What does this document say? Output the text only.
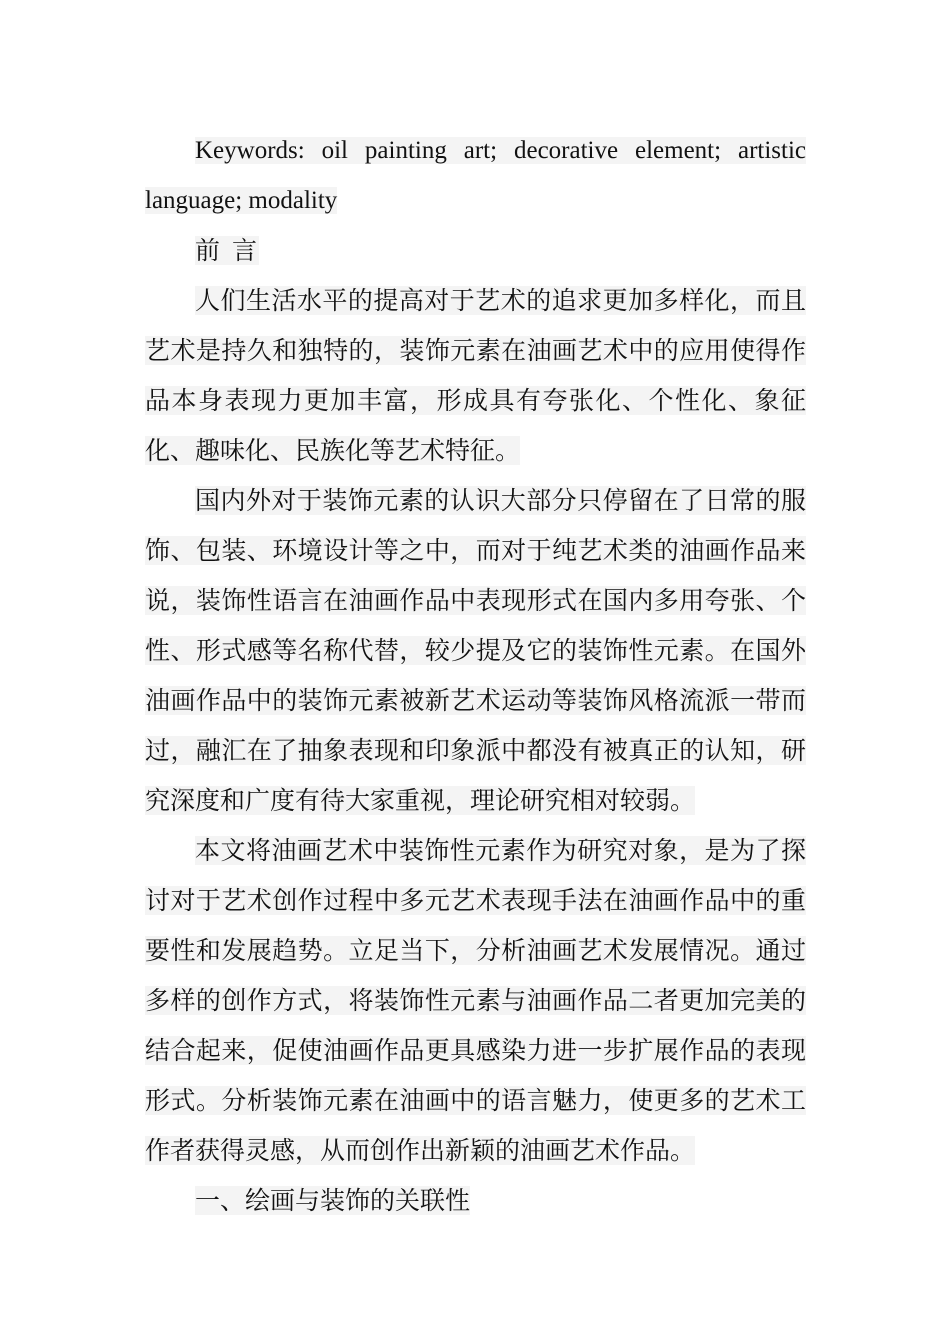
Keywords: oil painting art; decorative element; artistic language; modality

前 言

人们生活水平的提高对于艺术的追求更加多样化，而且艺术是持久和独特的，装饰元素在油画艺术中的应用使得作品本身表现力更加丰富，形成具有夸张化、个性化、象征化、趣味化、民族化等艺术特征。

国内外对于装饰元素的认识大部分只停留在了日常的服饰、包装、环境设计等之中，而对于纯艺术类的油画作品来说，装饰性语言在油画作品中表现形式在国内多用夸张、个性、形式感等名称代替，较少提及它的装饰性元素。在国外油画作品中的装饰元素被新艺术运动等装饰风格流派一带而过，融汇在了抽象表现和印象派中都没有被真正的认知，研究深度和广度有待大家重视，理论研究相对较弱。

本文将油画艺术中装饰性元素作为研究对象，是为了探讨对于艺术创作过程中多元艺术表现手法在油画作品中的重要性和发展趋势。立足当下，分析油画艺术发展情况。通过多样的创作方式，将装饰性元素与油画作品二者更加完美的结合起来，促使油画作品更具感染力进一步扩展作品的表现形式。分析装饰元素在油画中的语言魅力，使更多的艺术工作者获得灵感，从而创作出新颖的油画艺术作品。

一、绘画与装饰的关联性
